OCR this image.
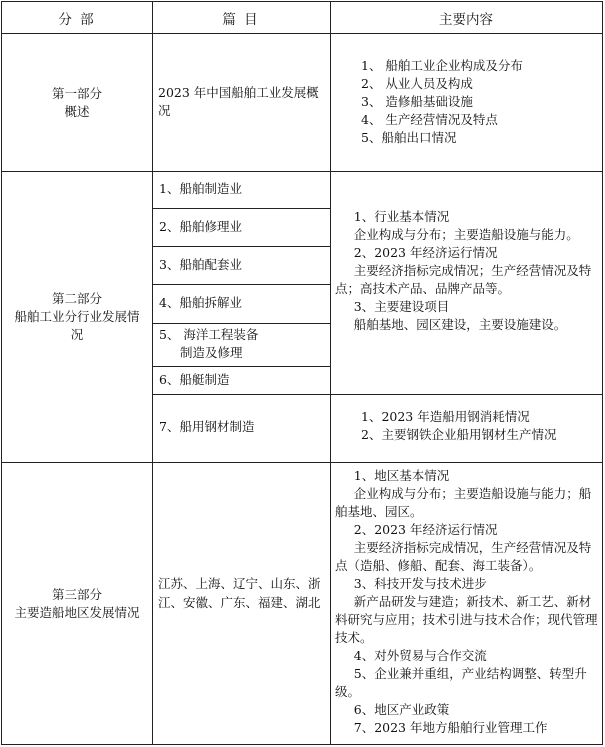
分 部	篇 目	主要内容
第一部分
概述
2023 年中国船舶工业发展概况
1、 船舶工业企业构成及分布
2、 从业人员及构成
3、 造修船基础设施
4、 生产经营情况及特点
5、船舶出口情况
第二部分
船舶工业分行业发展情况
1、船舶制造业
2、船舶修理业
3、船舶配套业
4、船舶拆解业
5、 海洋工程装备
制造及修理
6、船艇制造
7、船用钢材制造
1、行业基本情况
企业构成与分布；主要造船设施与能力。
2、2023 年经济运行情况
主要经济指标完成情况；生产经营情况及特点；高技术产品、品牌产品等。
3、主要建设项目
船舶基地、园区建设，主要设施建设。
1、2023 年造船用钢消耗情况
2、主要钢铁企业船用钢材生产情况
第三部分
主要造船地区发展情况
江苏、上海、辽宁、山东、浙江、安徽、广东、福建、湖北
1、地区基本情况
企业构成与分布；主要造船设施与能力；船舶基地、园区。
2、2023 年经济运行情况
主要经济指标完成情况，生产经营情况及特点（造船、修船、配套、海工装备）。
3、科技开发与技术进步
新产品研发与建造；新技术、新工艺、新材料研究与应用；技术引进与技术合作；现代管理技术。
4、对外贸易与合作交流
5、企业兼并重组，产业结构调整、转型升级。
6、地区产业政策
7、2023 年地方船舶行业管理工作
